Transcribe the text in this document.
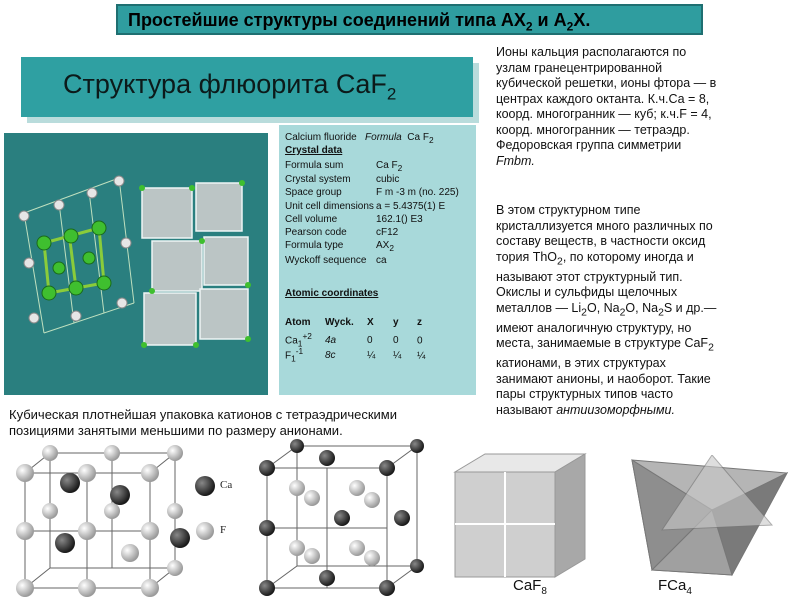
Простейшие структуры соединений типа $АХ_2$ и $А_2Х$.
Структура флюорита CaF$_2$
Calcium fluoride Formula Ca $F_2$
Crystal data
Formula sum	Ca $F_2$
Crystal system	cubic
Space group	F m -3 m (no. 225)
Unit cell dimensions a = 5.4375(1) E
Cell volume	162.1() E3
Pearson code	cF12
Formula type	$AX_2$
Wyckoff sequence ca
Atomic coordinates
Atom Wyck. X y z
$Ca_1^{+2}$ 4a	0 0 0
$F_1^{-1}$ 8c	¼ ¼ ¼
Ионы кальция располагаются по
узлам гранецентрированной
кубической решетки, ионы фтора — в
центрах каждого октанта. К.ч.Са = 8,
коорд. многогранник — куб; к.ч.F = 4,
коорд. многогранник — тетраэдр.
Федоровская группа симметрии
Fmbm.
В этом структурном типе
кристаллизуется много различных по
составу веществ, в частности оксид
тория ThO$_2$, по которому иногда и
называют этот структурный тип.
Окислы и сульфиды щелочных
металлов — $Li_2O$, $Na_2O$, $Na_2S$ и др.—
имеют аналогичную структуру, но
места, занимаемые в структуре CaF$_2$
катионами, в этих структурах
занимают анионы, и наоборот. Такие
пары структурных типов часто
называют антиизоморфными.
Кубическая плотнейшая упаковка катионов с тетраэдрическими
позициями занятыми меньшими по размеру анионами.
Ca
F
CaF$_8$	FCa$_4$
